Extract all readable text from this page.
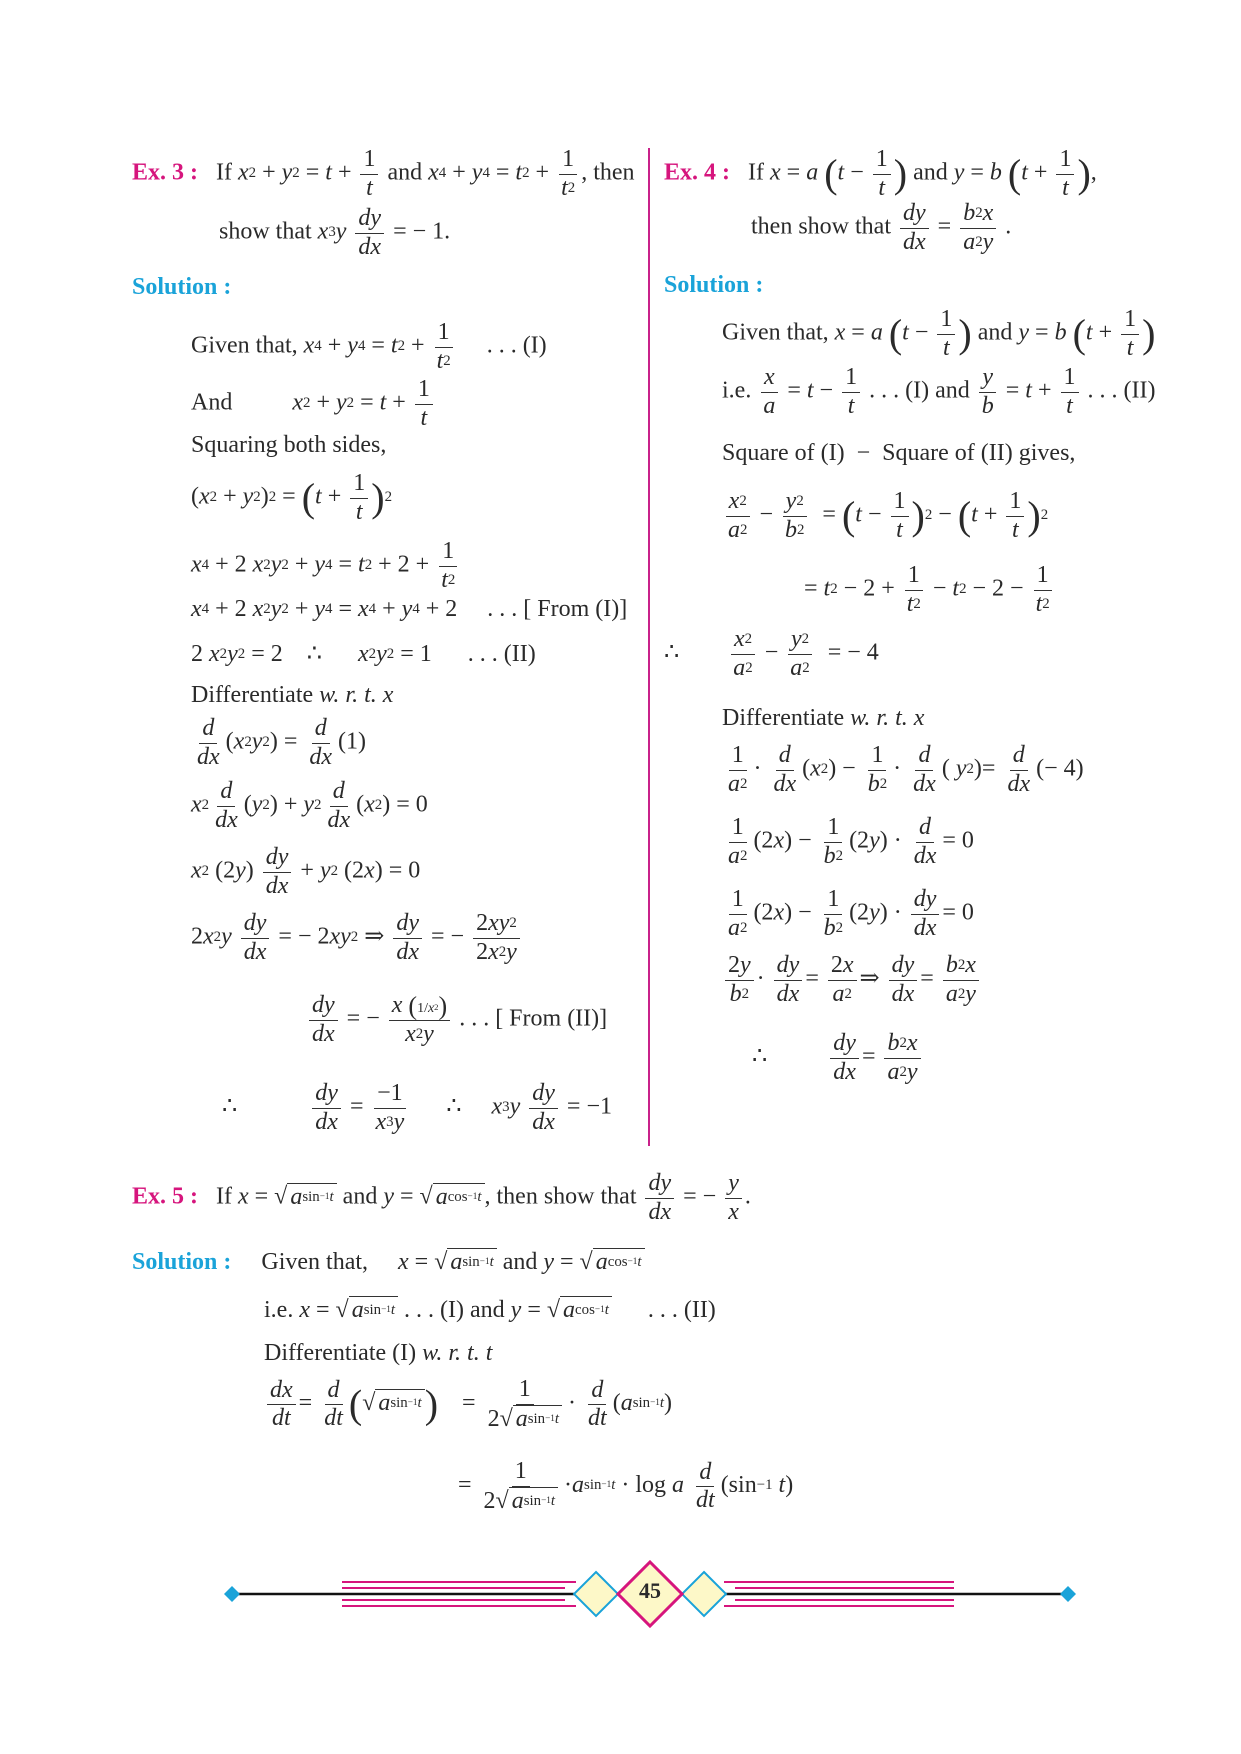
Ex. 3 :   If $x^2 + y^2 = t + \frac{1}{t}$ and $x^4 + y^4 = t^2 + \frac{1}{t^2}$ , then
show that $x^3y \frac{dy}{dx}$ = − 1.
Solution :
Given that, $x^4 + y^4 = t^2 + \frac{1}{t^2}$ . . . (I)
And          $x^2 + y^2 = t + \frac{1}{t}$
Squaring both sides,
$(x^2 + y^2)^2 = (t + \frac{1}{t} )^2$
$x^4 + 2$ $x^2y^2 + y^4 = t^2 + 2 + \frac{1}{t^2}$
$x^4 + 2$ $x^2y^2 + y^4 = x^4 + y^4 + 2$     . . . [ From (I)]
2 $x^2y^2 = 2$    ∴      $x^2y^2 = 1$      . . . (II)
Differentiate w. r. t. x
$\frac{d}{dx} (x^2y^2) = \frac{d}{dx} (1)$
$x^2 \frac{d}{dx} (y^2) + y^2 \frac{d}{dx} (x^2) = 0$
$x^2$ $(2y) \frac{dy}{dx} + y^2$ (2x) = 0
$2x^2y \frac{dy}{dx}$ = − $2xy^2$ ⇒ $\frac{dy}{dx}$ = − $\frac{2xy^2}{2x^2y}$
$\frac{dy}{dx}$ = − $\frac{x (1/x^2)}{x^2y}$ . . . [ From (II)]
∴ $\frac{dy}{dx} = \frac{-1}{x^3y}$ ∴     $x^3y \frac{dy}{dx} = -1$
Ex. 4 :   If x = a ($t - \frac{1}{t}$ ) and y = b ($t + \frac{1}{t}$ ),
then show that $\frac{dy}{dx} = \frac{b^2x}{a^2y}$ .
Solution :
Given that, x = a ($t - \frac{1}{t}$ ) and y = b ($t + \frac{1}{t}$ )
i.e. $\frac{x}{a} = t - \frac{1}{t}$ . . . (I) and $\frac{y}{b} = t + \frac{1}{t}$ . . . (II)
Square of (I)  −  Square of (II) gives,
$\frac{x^2}{a^2} - \frac{y^2}{b^2} = (t - \frac{1}{t} )^2 - (t + \frac{1}{t} )^2$
= $t^2 - 2 + \frac{1}{t^2} - t^2 - 2 - \frac{1}{t^2}$
∴ $\frac{x^2}{a^2} - \frac{y^2}{a^2}$ = − 4
Differentiate w. r. t. x
$\frac{1}{a^2} \cdot \frac{d}{dx} (x^2) - \frac{1}{b^2} \cdot \frac{d}{dx}$ ( $y^2)= \frac{d}{dx}$ (− 4)
$\frac{1}{a^2} (2x) - \frac{1}{b^2} (2y) \cdot \frac{d}{dx} = 0$
$\frac{1}{a^2} (2x) - \frac{1}{b^2} (2y) \cdot \frac{dy}{dx} = 0$
$\frac{2y}{b^2} \cdot \frac{dy}{dx} = \frac{2x}{a^2}$ ⇒ $\frac{dy}{dx} = \frac{b^2x}{a^2y}$
∴ $\frac{dy}{dx} = \frac{b^2x}{a^2y}$
Ex. 5 :   If x = √ $a^{sin^{-1}t}$ and y = √ $a^{cos^{-1}t}$ , then show that $\frac{dy}{dx}$ = − $\frac{y}{x}$ .
Solution :     Given that,     x = √ $a^{sin^{-1}t}$ and y = √ $a^{cos^{-1}t}$
i.e. x = √ $a^{sin^{-1}t}$ . . . (I) and y = √ $a^{cos^{-1}t}$      . . . (II)
Differentiate (I) w. r. t. t
$\frac{dx}{dt} = \frac{d}{dt}$ (√ $a^{sin^{-1}t}$)    = $\frac{1}{2√ a^{sin^{-1}t}} \cdot \frac{d}{dt} (a^{sin^{-1}t})$
= $\frac{1}{2√ a^{sin^{-1}t}} \cdot a^{sin^{-1}t} \cdot \log a \frac{d}{dt} (\sin^{-1}$ t)
45
